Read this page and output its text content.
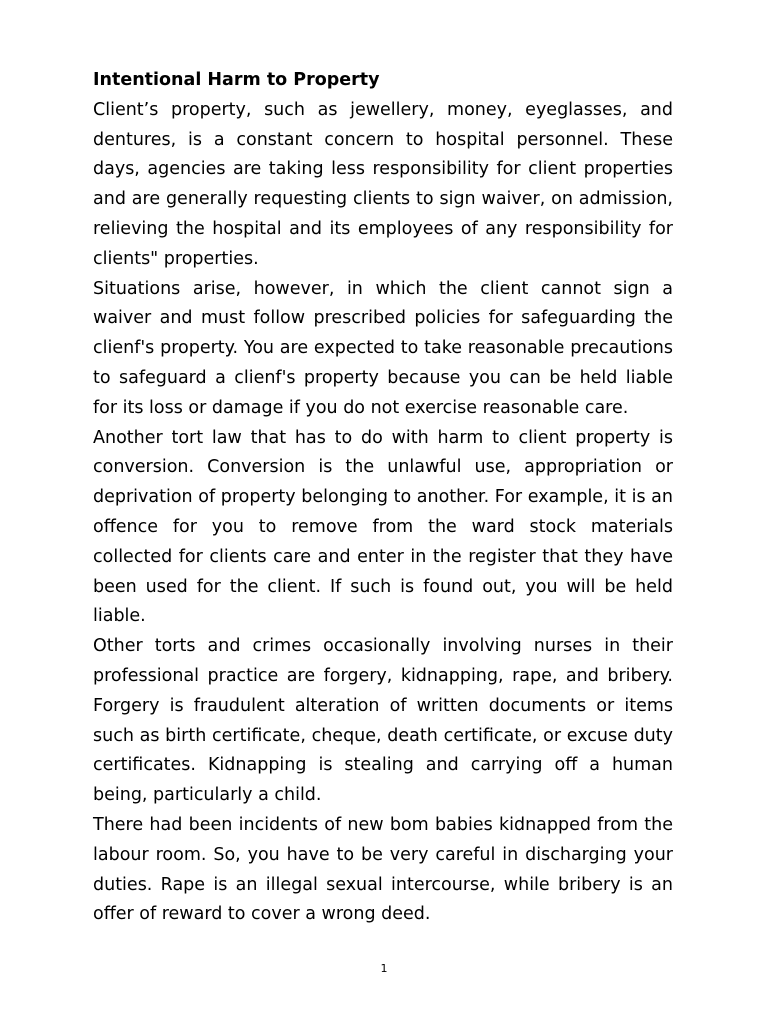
Intentional Harm to Property

Client’s property, such as jewellery, money, eyeglasses, and dentures, is a constant concern to hospital personnel. These days, agencies are taking less responsibility for client properties and are generally requesting clients to sign waiver, on admission, relieving the hospital and its employees of any responsibility for clients" properties.

Situations arise, however, in which the client cannot sign a waiver and must follow prescribed policies for safeguarding the clienf's property. You are expected to take reasonable precautions to safeguard a clienf's property because you can be held liable for its loss or damage if you do not exercise reasonable care.

Another tort law that has to do with harm to client property is conversion. Conversion is the unlawful use, appropriation or deprivation of property belonging to another. For example, it is an offence for you to remove from the ward stock materials collected for clients care and enter in the register that they have been used for the client. If such is found out, you will be held liable.

Other torts and crimes occasionally involving nurses in their professional practice are forgery, kidnapping, rape, and bribery. Forgery is fraudulent alteration of written documents or items such as birth certificate, cheque, death certificate, or excuse duty certificates. Kidnapping is stealing and carrying off a human being, particularly a child.

There had been incidents of new bom babies kidnapped from the labour room. So, you have to be very careful in discharging your duties. Rape is an illegal sexual intercourse, while bribery is an offer of reward to cover a wrong deed.

1
